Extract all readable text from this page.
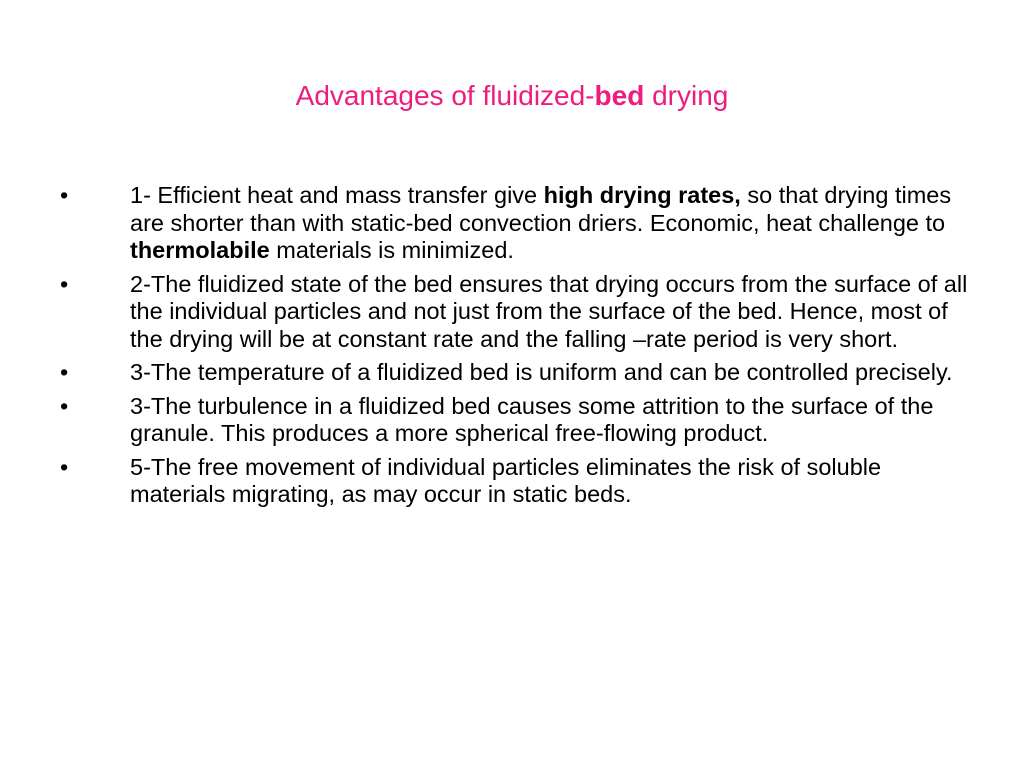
Advantages of fluidized-bed drying
•	1- Efficient heat and mass transfer give high drying rates, so that drying times are shorter than with static-bed convection driers. Economic, heat challenge to thermolabile materials is minimized.
•	2-The fluidized state of the bed ensures that drying occurs from the surface of all the individual particles and not just from the surface of the bed. Hence, most of the drying will be at constant rate and the falling –rate period is very short.
•	3-The temperature of a fluidized bed is uniform and can be controlled precisely.
•	3-The turbulence in a fluidized bed causes some attrition to the surface of the granule. This produces a more spherical free-flowing product.
•	5-The free movement of individual particles eliminates the risk of soluble materials migrating, as may occur in static beds.
